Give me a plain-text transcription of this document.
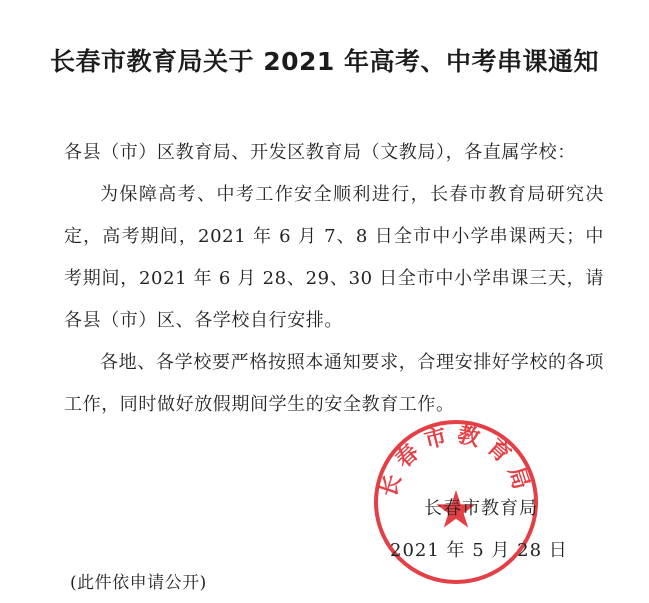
长春市教育局关于 2021 年高考、中考串课通知

各县（市）区教育局、开发区教育局（文教局），各直属学校：

为保障高考、中考工作安全顺利进行，长春市教育局研究决定，高考期间，2021 年 6 月 7、8 日全市中小学串课两天；中考期间，2021 年 6 月 28、29、30 日全市中小学串课三天，请各县（市）区、各学校自行安排。

各地、各学校要严格按照本通知要求，合理安排好学校的各项工作，同时做好放假期间学生的安全教育工作。

长春市教育局
长春市教育局
2021 年 5 月 28 日
(此件依申请公开)
